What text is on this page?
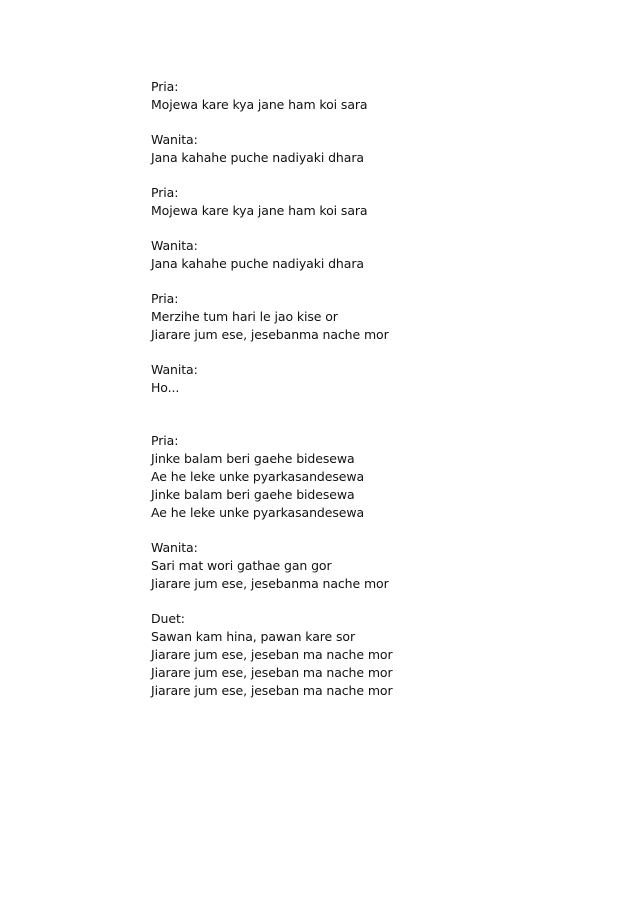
Pria:
Mojewa kare kya jane ham koi sara
Wanita:
Jana kahahe puche nadiyaki dhara
Pria:
Mojewa kare kya jane ham koi sara
Wanita:
Jana kahahe puche nadiyaki dhara
Pria:
Merzihe tum hari le jao kise or
Jiarare jum ese, jesebanma nache mor
Wanita:
Ho...
Pria:
Jinke balam beri gaehe bidesewa
Ae he leke unke pyarkasandesewa
Jinke balam beri gaehe bidesewa
Ae he leke unke pyarkasandesewa
Wanita:
Sari mat wori gathae gan gor
Jiarare jum ese, jesebanma nache mor
Duet:
Sawan kam hina, pawan kare sor
Jiarare jum ese, jeseban ma nache mor
Jiarare jum ese, jeseban ma nache mor
Jiarare jum ese, jeseban ma nache mor
